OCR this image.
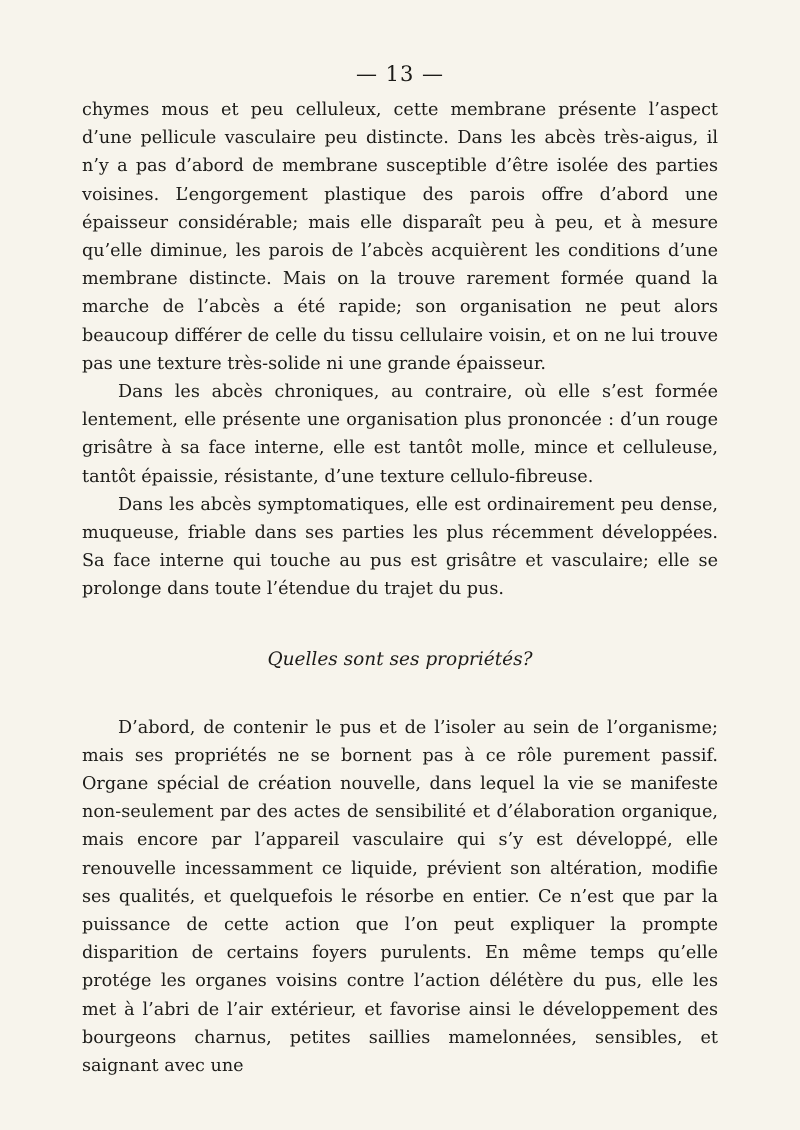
— 13 —

chymes mous et peu celluleux, cette membrane présente l’aspect d’une pellicule vasculaire peu distincte. Dans les abcès très-aigus, il n’y a pas d’abord de membrane susceptible d’être isolée des parties voisines. L’engorgement plastique des parois offre d’abord une épaisseur considérable; mais elle disparaît peu à peu, et à mesure qu’elle diminue, les parois de l’abcès acquièrent les conditions d’une membrane distincte. Mais on la trouve rarement formée quand la marche de l’abcès a été rapide; son organisation ne peut alors beaucoup différer de celle du tissu cellulaire voisin, et on ne lui trouve pas une texture très-solide ni une grande épaisseur.

Dans les abcès chroniques, au contraire, où elle s’est formée lentement, elle présente une organisation plus prononcée : d’un rouge grisâtre à sa face interne, elle est tantôt molle, mince et celluleuse, tantôt épaissie, résistante, d’une texture cellulo-fibreuse.

Dans les abcès symptomatiques, elle est ordinairement peu dense, muqueuse, friable dans ses parties les plus récemment développées. Sa face interne qui touche au pus est grisâtre et vasculaire; elle se prolonge dans toute l’étendue du trajet du pus.

Quelles sont ses propriétés?

D’abord, de contenir le pus et de l’isoler au sein de l’organisme; mais ses propriétés ne se bornent pas à ce rôle purement passif. Organe spécial de création nouvelle, dans lequel la vie se manifeste non-seulement par des actes de sensibilité et d’élaboration organique, mais encore par l’appareil vasculaire qui s’y est développé, elle renouvelle incessamment ce liquide, prévient son altération, modifie ses qualités, et quelquefois le résorbe en entier. Ce n’est que par la puissance de cette action que l’on peut expliquer la prompte disparition de certains foyers purulents. En même temps qu’elle protége les organes voisins contre l’action délétère du pus, elle les met à l’abri de l’air extérieur, et favorise ainsi le développement des bourgeons charnus, petites saillies mamelonnées, sensibles, et saignant avec une
